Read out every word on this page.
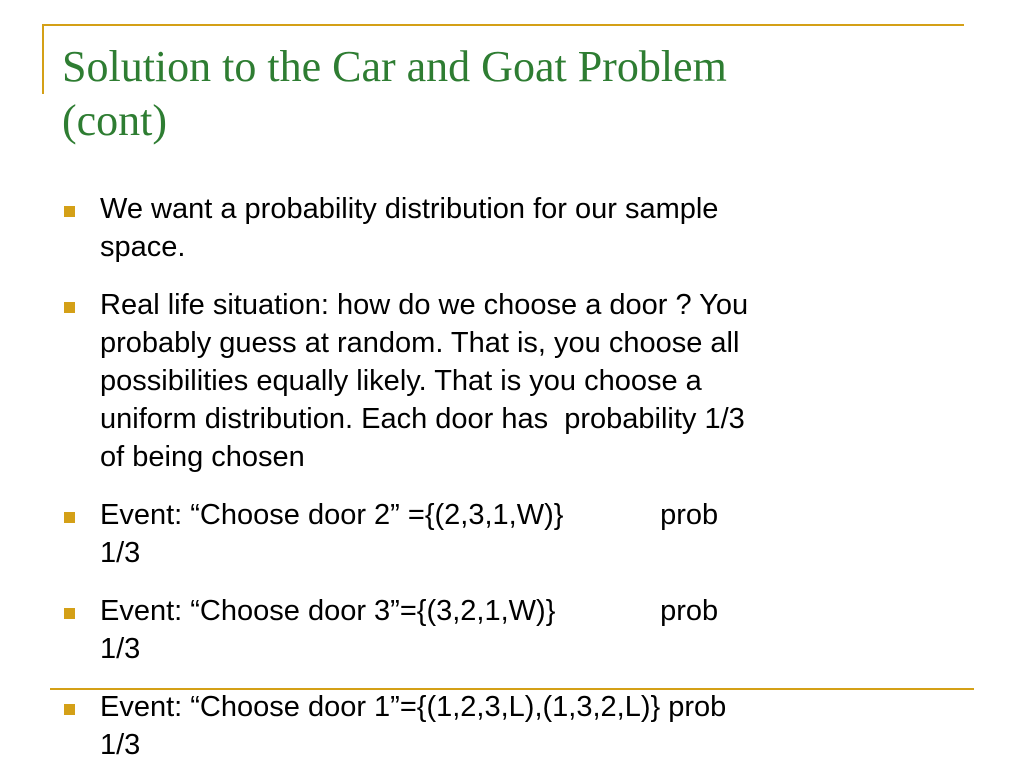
Solution to the Car and Goat Problem
(cont)
We want a probability distribution for our sample
space.
Real life situation: how do we choose a door ? You
probably guess at random. That is, you choose all
possibilities equally likely. That is you choose a
uniform distribution. Each door has  probability 1/3
of being chosen
Event: “Choose door 2” ={(2,3,1,W)}            prob
1/3
Event: “Choose door 3”={(3,2,1,W)}             prob
1/3
Event: “Choose door 1”={(1,2,3,L),(1,3,2,L)} prob
1/3
